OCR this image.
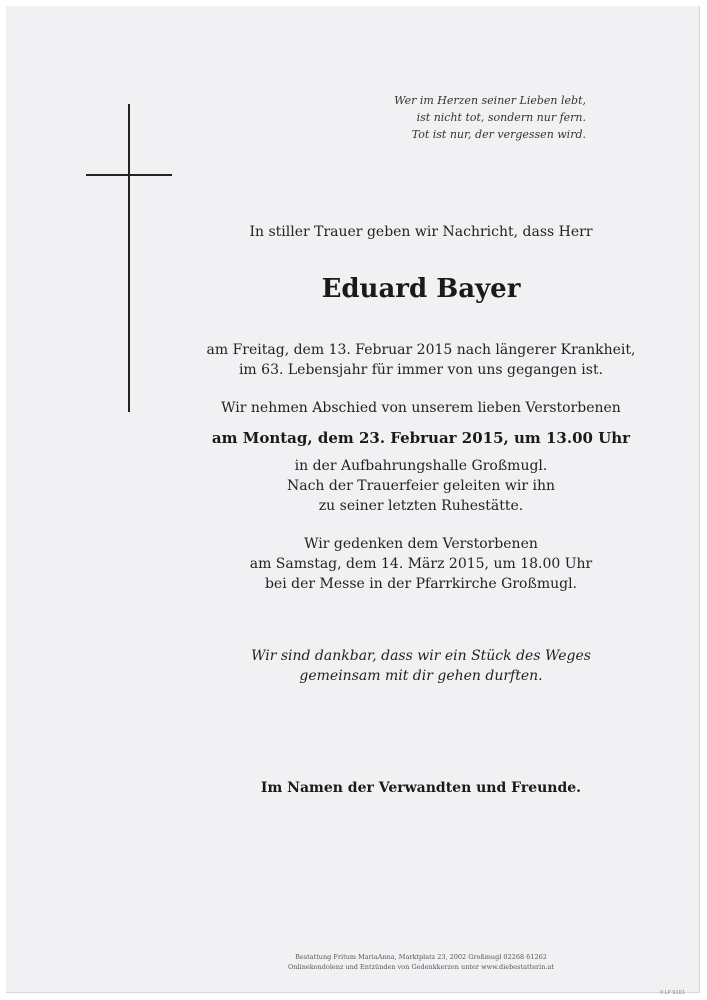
Wer im Herzen seiner Lieben lebt,
ist nicht tot, sondern nur fern.
Tot ist nur, der vergessen wird.
In stiller Trauer geben wir Nachricht, dass Herr
Eduard Bayer
am Freitag, dem 13. Februar 2015 nach längerer Krankheit,
im 63. Lebensjahr für immer von uns gegangen ist.
Wir nehmen Abschied von unserem lieben Verstorbenen
am Montag, dem 23. Februar 2015, um 13.00 Uhr
in der Aufbahrungshalle Großmugl.
Nach der Trauerfeier geleiten wir ihn
zu seiner letzten Ruhestätte.
Wir gedenken dem Verstorbenen
am Samstag, dem 14. März 2015, um 18.00 Uhr
bei der Messe in der Pfarrkirche Großmugl.
Wir sind dankbar, dass wir ein Stück des Weges
gemeinsam mit dir gehen durften.
Im Namen der Verwandten und Freunde.
Bestattung Fritum MariaAnna, Marktplatz 23, 2002 Großmugl 02268 61262
Onlinekondolenz und Entzünden von Gedenkkerzen unter www.diebestatterin.at
0 LP 9101
